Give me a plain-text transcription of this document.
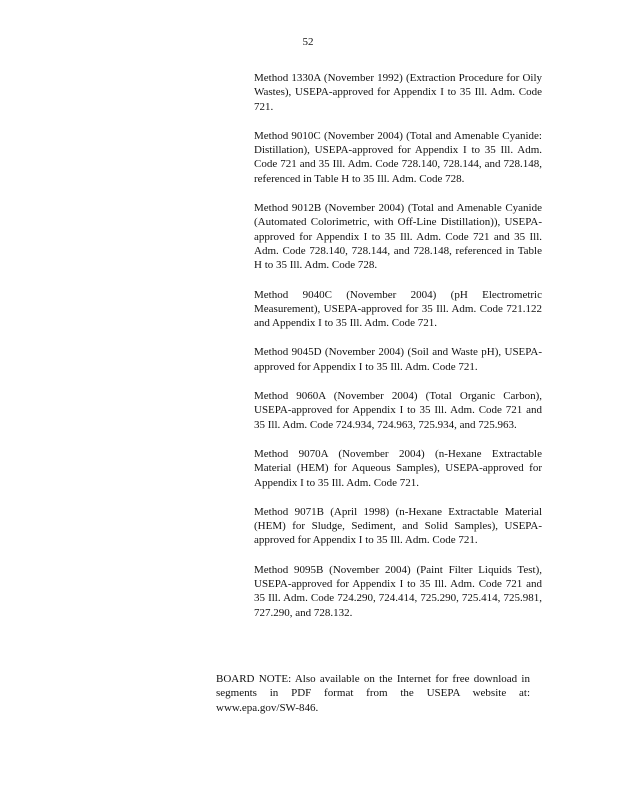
52

Method 1330A (November 1992) (Extraction Procedure for Oily Wastes), USEPA-approved for Appendix I to 35 Ill. Adm. Code 721.

Method 9010C (November 2004) (Total and Amenable Cyanide: Distillation), USEPA-approved for Appendix I to 35 Ill. Adm. Code 721 and 35 Ill. Adm. Code 728.140, 728.144, and 728.148, referenced in Table H to 35 Ill. Adm. Code 728.

Method 9012B (November 2004) (Total and Amenable Cyanide (Automated Colorimetric, with Off-Line Distillation)), USEPA-approved for Appendix I to 35 Ill. Adm. Code 721 and 35 Ill. Adm. Code 728.140, 728.144, and 728.148, referenced in Table H to 35 Ill. Adm. Code 728.

Method 9040C (November 2004) (pH Electrometric Measurement), USEPA-approved for 35 Ill. Adm. Code 721.122 and Appendix I to 35 Ill. Adm. Code 721.

Method 9045D (November 2004) (Soil and Waste pH), USEPA-approved for Appendix I to 35 Ill. Adm. Code 721.

Method 9060A (November 2004) (Total Organic Carbon), USEPA-approved for Appendix I to 35 Ill. Adm. Code 721 and 35 Ill. Adm. Code 724.934, 724.963, 725.934, and 725.963.

Method 9070A (November 2004) (n-Hexane Extractable Material (HEM) for Aqueous Samples), USEPA-approved for Appendix I to 35 Ill. Adm. Code 721.

Method 9071B (April 1998) (n-Hexane Extractable Material (HEM) for Sludge, Sediment, and Solid Samples), USEPA-approved for Appendix I to 35 Ill. Adm. Code 721.

Method 9095B (November 2004) (Paint Filter Liquids Test), USEPA-approved for Appendix I to 35 Ill. Adm. Code 721 and 35 Ill. Adm. Code 724.290, 724.414, 725.290, 725.414, 725.981, 727.290, and 728.132.

BOARD NOTE: Also available on the Internet for free download in segments in PDF format from the USEPA website at: www.epa.gov/SW-846.
